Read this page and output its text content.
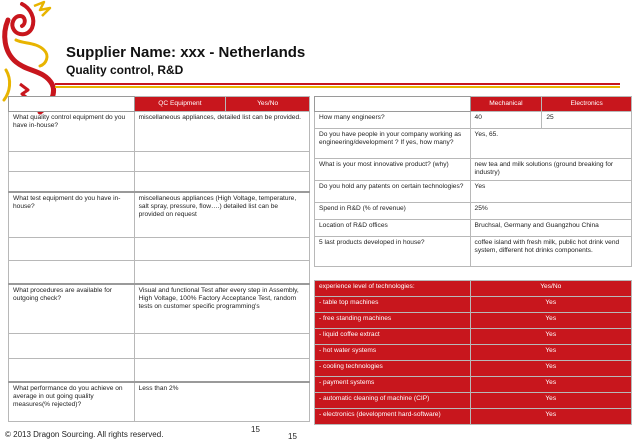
Supplier Name: xxx - Netherlands
Quality control, R&D
	QC Equipment	Yes/No
What quality control equipment do you have in-house?	miscellaneous appliances, detailed list can be provided.	

What test equipment do you have in-house?	miscellaneous appliances (High Voltage, temperature, salt spray, pressure, flow….) detailed list can be provided on request	

What procedures are available for outgoing check?	Visual and functional Test after every step in Assembly, High Voltage, 100% Factory Acceptance Test, random tests on customer specific programming's	

What performance do you achieve on average in out going quality measures(% rejected)?	Less than 2%	
	Mechanical	Electronics
How many engineers?	40	25
Do you have people in your company working as engineering/development ? If yes, how many?	Yes, 65.	
What is your most innovative product? (why)	new tea and milk solutions (ground breaking for industry)	
Do you hold any patents on certain technologies?	Yes	
Spend in R&D (% of revenue)	25%	
Location of R&D offices	Bruchsal, Germany and Guangzhou China	
5 last products developed in house?	coffee island with fresh milk, public hot drink vend system, different hot drinks components.	
experience level of technologies:	Yes/No
- table top machines	Yes
- free standing machines	Yes
- liquid coffee extract	Yes
- hot water systems	Yes
- cooling technologies	Yes
- payment systems	Yes
- automatic cleaning of machine (CIP)	Yes
- electronics (development hard-software)	Yes
© 2013 Dragon Sourcing. All rights reserved.
15
15
